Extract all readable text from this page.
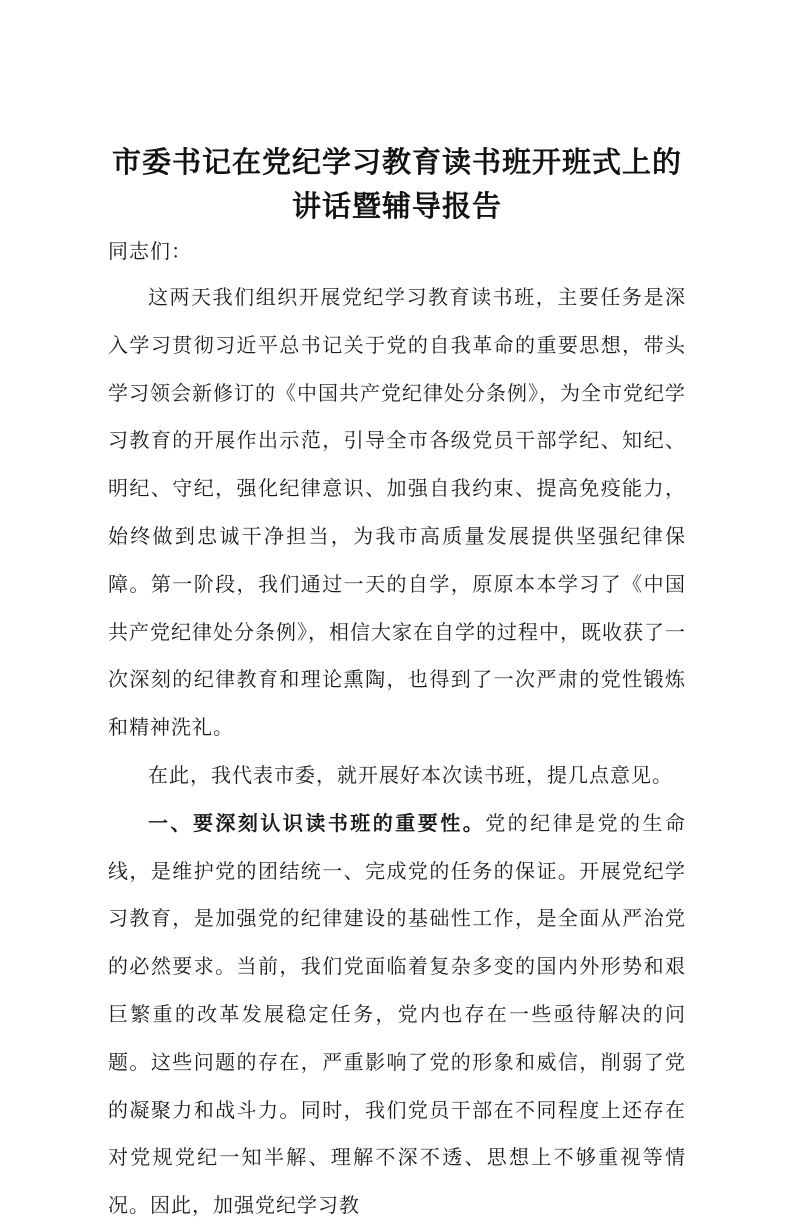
市委书记在党纪学习教育读书班开班式上的讲话暨辅导报告

同志们：

这两天我们组织开展党纪学习教育读书班，主要任务是深入学习贯彻习近平总书记关于党的自我革命的重要思想，带头学习领会新修订的《中国共产党纪律处分条例》，为全市党纪学习教育的开展作出示范，引导全市各级党员干部学纪、知纪、明纪、守纪，强化纪律意识、加强自我约束、提高免疫能力，始终做到忠诚干净担当，为我市高质量发展提供坚强纪律保障。第一阶段，我们通过一天的自学，原原本本学习了《中国共产党纪律处分条例》，相信大家在自学的过程中，既收获了一次深刻的纪律教育和理论熏陶，也得到了一次严肃的党性锻炼和精神洗礼。

在此，我代表市委，就开展好本次读书班，提几点意见。

一、要深刻认识读书班的重要性。党的纪律是党的生命线，是维护党的团结统一、完成党的任务的保证。开展党纪学习教育，是加强党的纪律建设的基础性工作，是全面从严治党的必然要求。当前，我们党面临着复杂多变的国内外形势和艰巨繁重的改革发展稳定任务，党内也存在一些亟待解决的问题。这些问题的存在，严重影响了党的形象和威信，削弱了党的凝聚力和战斗力。同时，我们党员干部在不同程度上还存在对党规党纪一知半解、理解不深不透、思想上不够重视等情况。因此，加强党纪学习教
